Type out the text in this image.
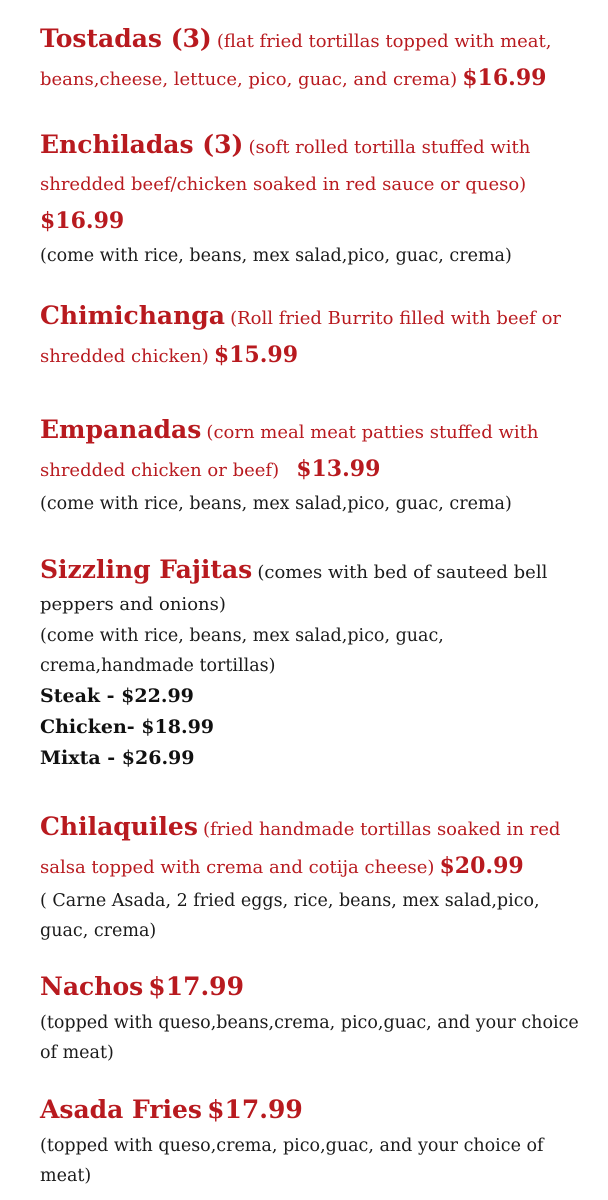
Tostadas (3) (flat fried tortillas topped with meat, beans,cheese, lettuce, pico, guac, and crema) $16.99
Enchiladas (3) (soft rolled tortilla stuffed with shredded beef/chicken soaked in red sauce or queso)
$16.99
(come with rice, beans, mex salad,pico, guac, crema)
Chimichanga (Roll fried Burrito filled with beef or shredded chicken) $15.99
Empanadas (corn meal meat patties stuffed with shredded chicken or beef) $13.99
(come with rice, beans, mex salad,pico, guac, crema)
Sizzling Fajitas (comes with bed of sauteed bell peppers and onions)
(come with rice, beans, mex salad,pico, guac, crema,handmade tortillas)
Steak - $22.99
Chicken- $18.99
Mixta - $26.99
Chilaquiles (fried handmade tortillas soaked in red salsa topped with crema and cotija cheese) $20.99
( Carne Asada, 2 fried eggs, rice, beans, mex salad,pico, guac, crema)
Nachos $17.99
(topped with queso,beans,crema, pico,guac, and your choice of meat)
Asada Fries $17.99
(topped with queso,crema, pico,guac, and your choice of meat)
